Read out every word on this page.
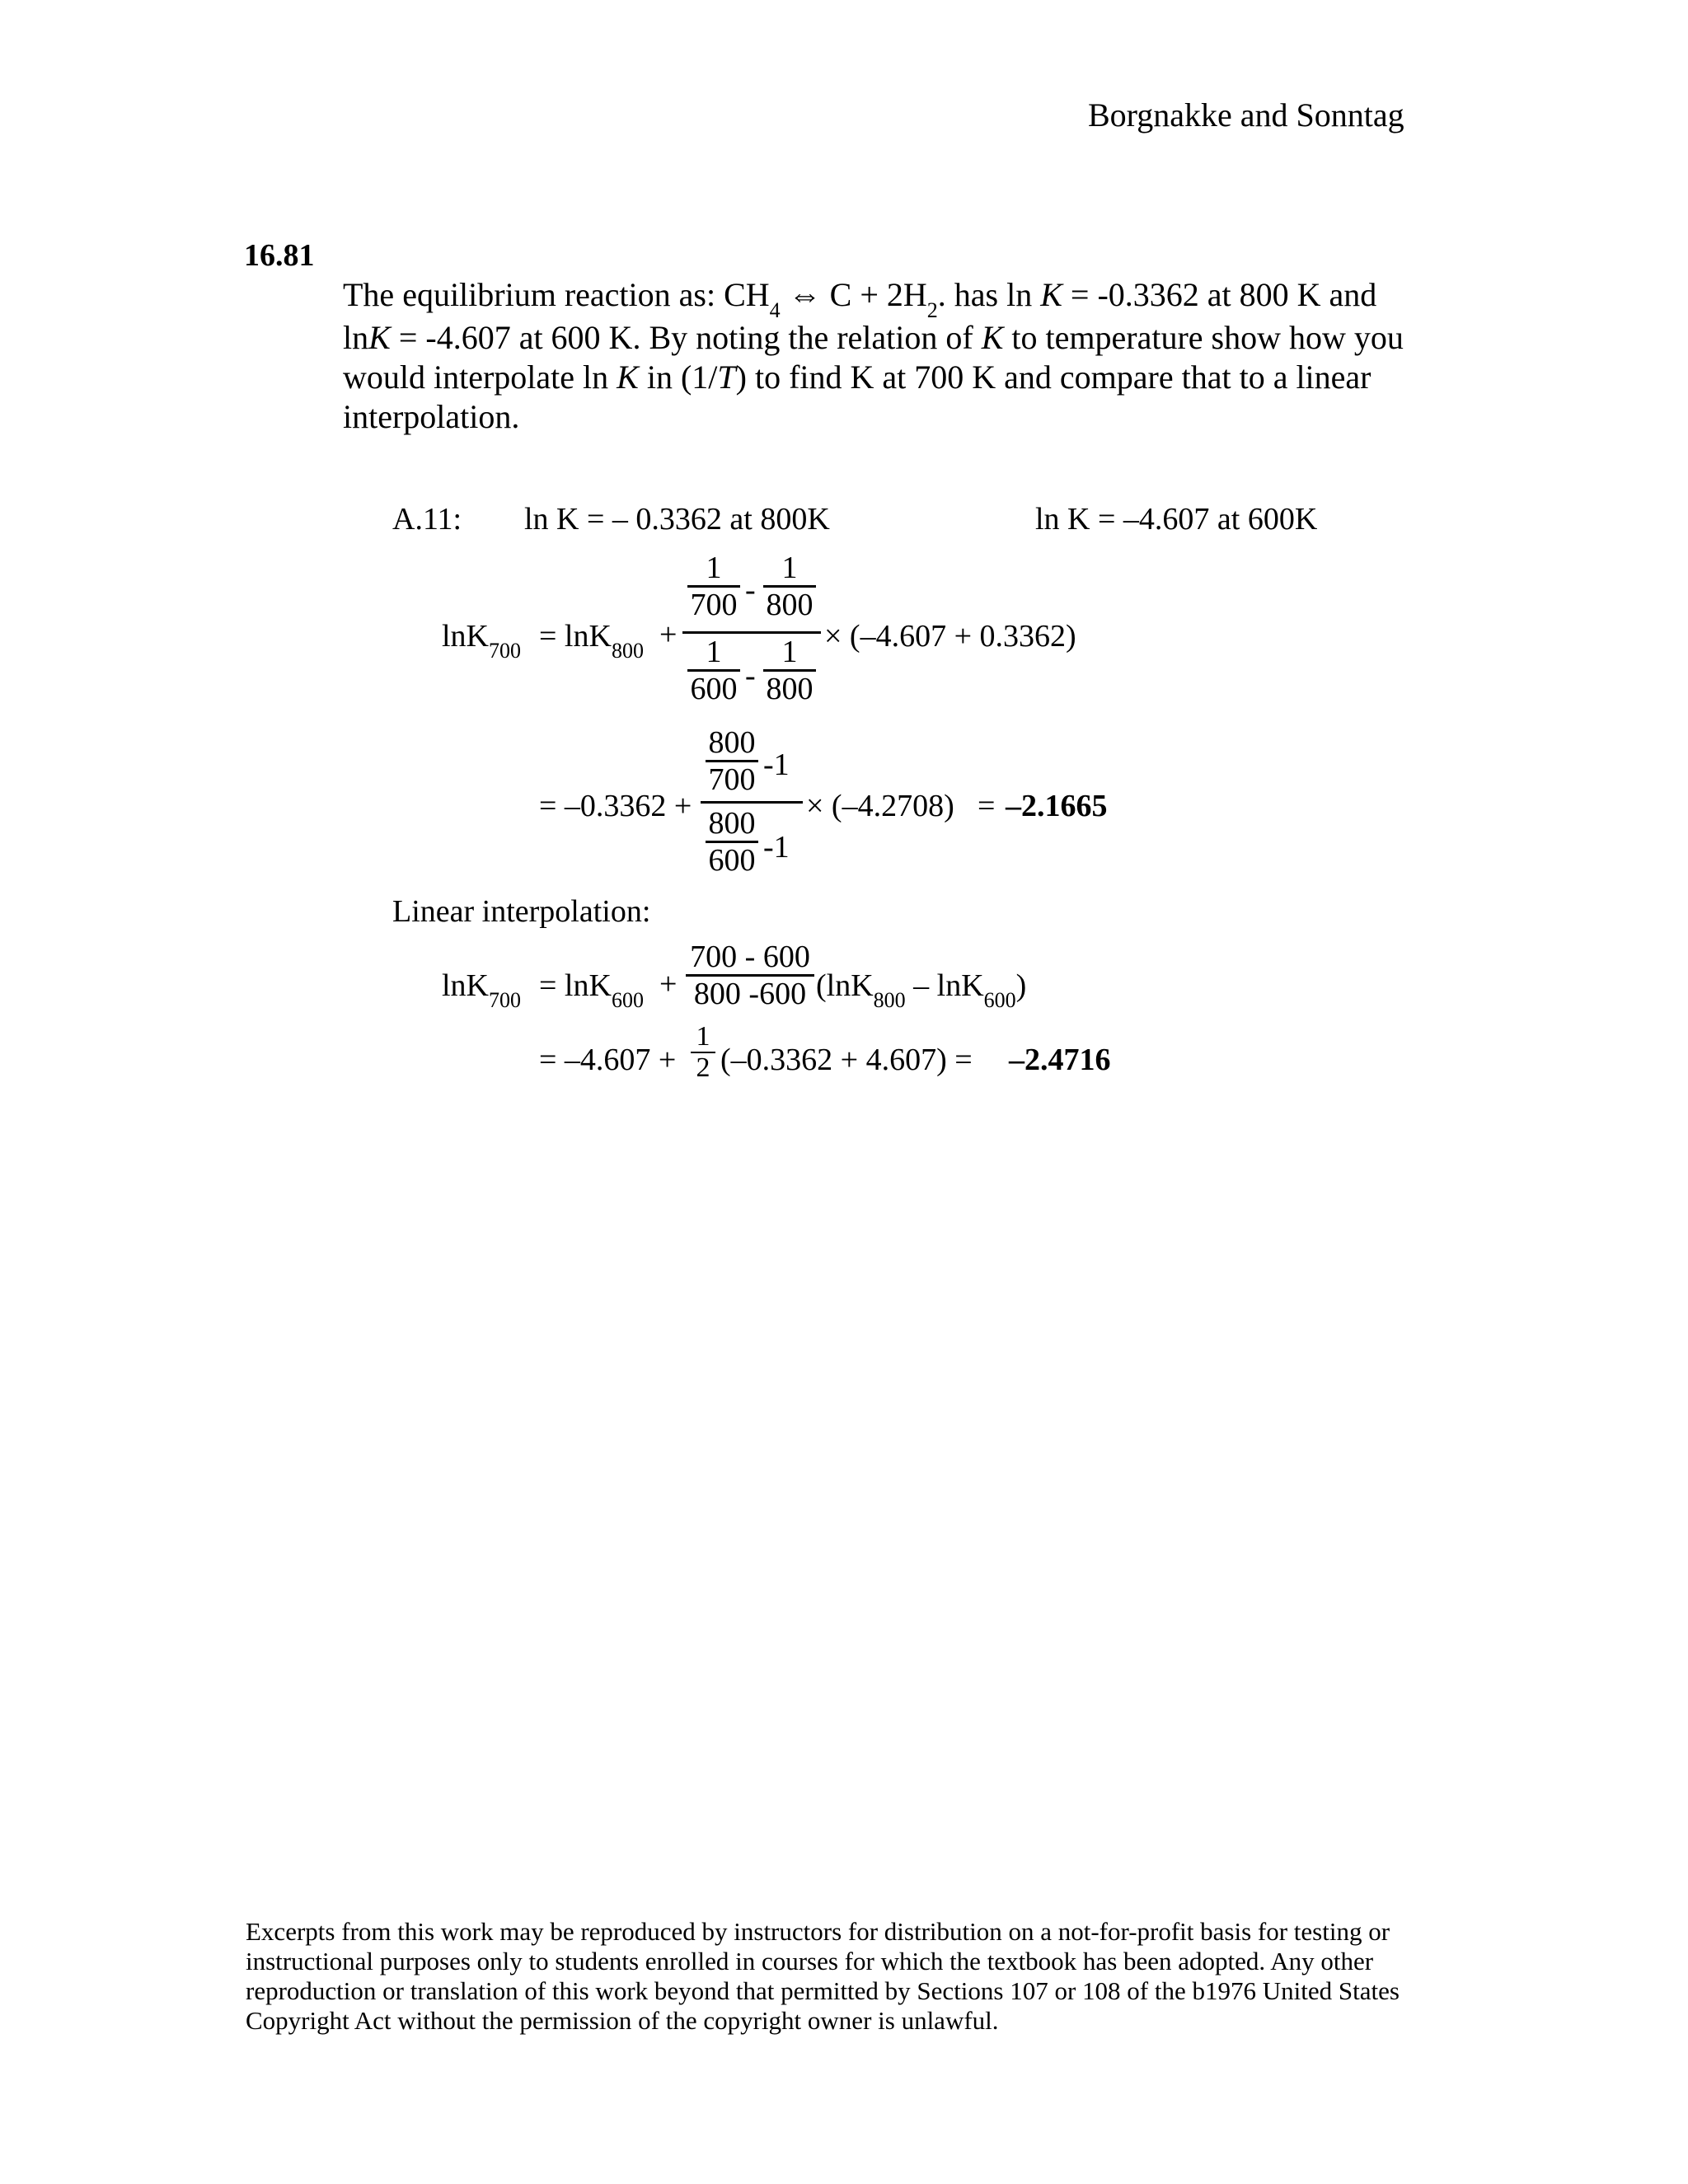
Borgnakke and Sonntag
16.81
The equilibrium reaction as: $CH_4$ ⇔ $C + 2H_2$. has ln K = -0.3362 at 800 K and
lnK = -4.607 at 600 K. By noting the relation of K to temperature show how you
would interpolate ln K in (1/T) to find K at 700 K and compare that to a linear
interpolation.
A.11: ln K = – 0.3362 at 800K	ln K = –4.607 at 600K
lnK$_{700}$ = lnK$_{800}$ +
1
700 -
1
800
1
600 -
1
800
× (–4.607 + 0.3362)
= –0.3362 +
800
700 -1
800
600 -1
× (–4.2708) = –2.1665
Linear interpolation:
lnK$_{700}$ = lnK$_{600}$ +
700 - 600
800 -600 (lnK$_{800}$ – lnK$_{600}$)
= –4.607 +
1
2 (–0.3362 + 4.607) = –2.4716
Excerpts from this work may be reproduced by instructors for distribution on a not-for-profit basis for testing or
instructional purposes only to students enrolled in courses for which the textbook has been adopted. Any other
reproduction or translation of this work beyond that permitted by Sections 107 or 108 of the b1976 United States
Copyright Act without the permission of the copyright owner is unlawful.
